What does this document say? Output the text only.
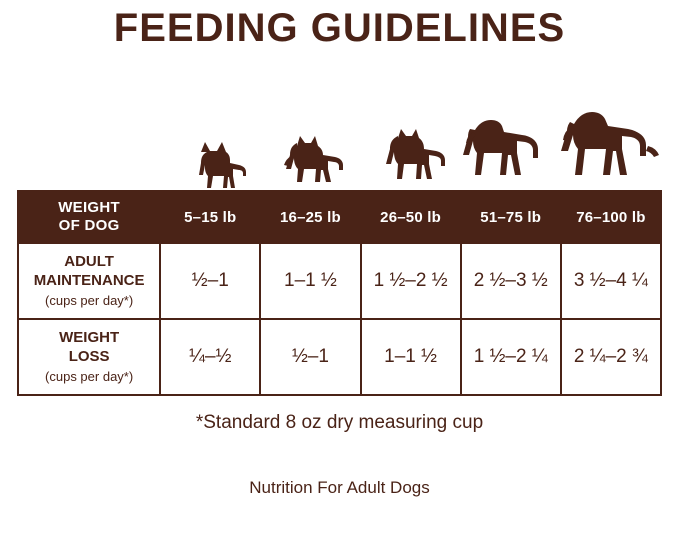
FEEDING GUIDELINES
WEIGHT
OF DOG	5–15 lb	16–25 lb	26–50 lb	51–75 lb	76–100 lb
ADULT
MAINTENANCE
(cups per day*)	½–1	1–1 ½	1 ½–2 ½	2 ½–3 ½	3 ½–4 ¼
WEIGHT
LOSS
(cups per day*)	¼–½	½–1	1–1 ½	1 ½–2 ¼	2 ¼–2 ¾
*Standard 8 oz dry measuring cup
Nutrition For Adult Dogs
